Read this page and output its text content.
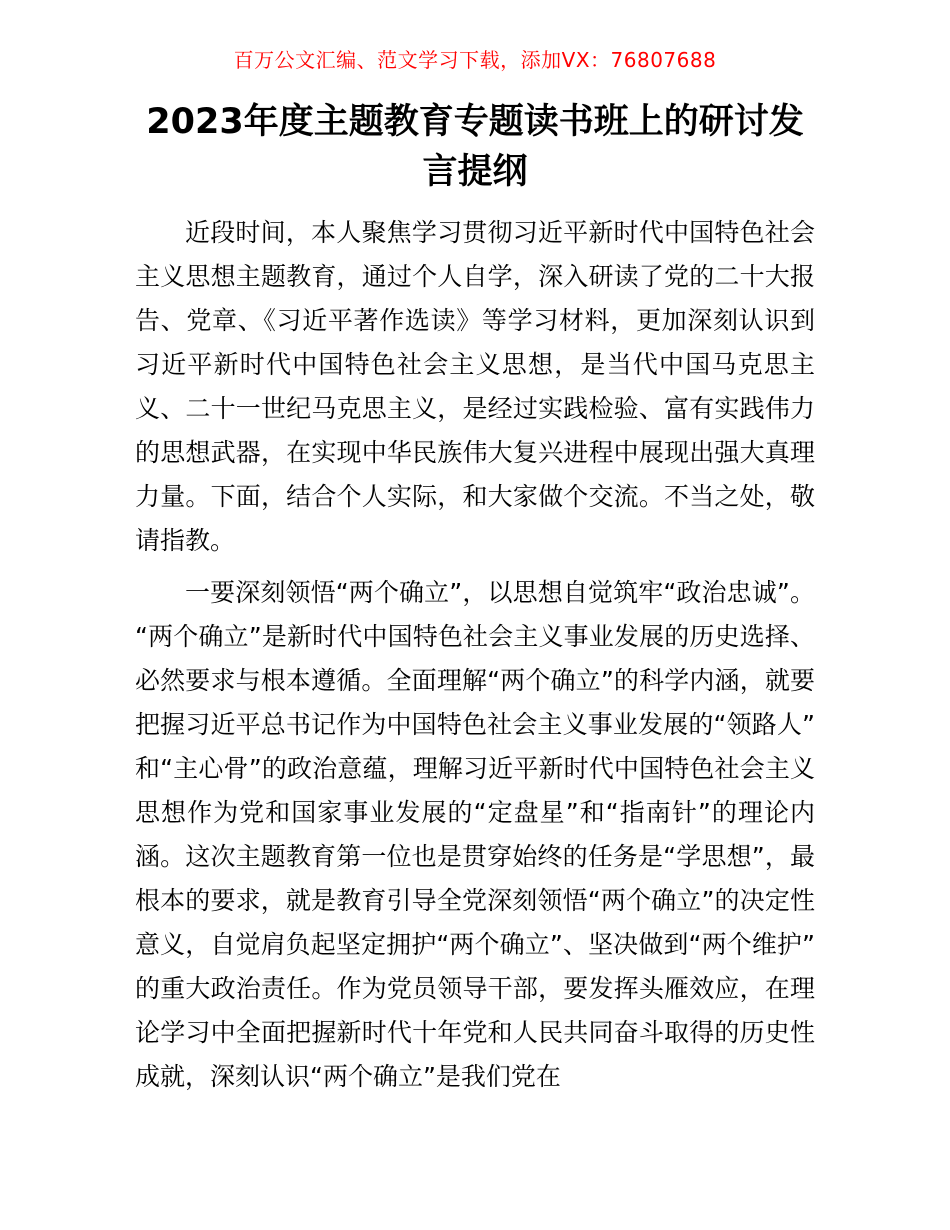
百万公文汇编、范文学习下载，添加VX：76807688
2023年度主题教育专题读书班上的研讨发言提纲

近段时间，本人聚焦学习贯彻习近平新时代中国特色社会主义思想主题教育，通过个人自学，深入研读了党的二十大报告、党章、《习近平著作选读》等学习材料，更加深刻认识到习近平新时代中国特色社会主义思想，是当代中国马克思主义、二十一世纪马克思主义，是经过实践检验、富有实践伟力的思想武器，在实现中华民族伟大复兴进程中展现出强大真理力量。下面，结合个人实际，和大家做个交流。不当之处，敬请指教。

一要深刻领悟“两个确立”，以思想自觉筑牢“政治忠诚”。“两个确立”是新时代中国特色社会主义事业发展的历史选择、必然要求与根本遵循。全面理解“两个确立”的科学内涵，就要把握习近平总书记作为中国特色社会主义事业发展的“领路人”和“主心骨”的政治意蕴，理解习近平新时代中国特色社会主义思想作为党和国家事业发展的“定盘星”和“指南针”的理论内涵。这次主题教育第一位也是贯穿始终的任务是“学思想”，最根本的要求，就是教育引导全党深刻领悟“两个确立”的决定性意义，自觉肩负起坚定拥护“两个确立”、坚决做到“两个维护”的重大政治责任。作为党员领导干部，要发挥头雁效应，在理论学习中全面把握新时代十年党和人民共同奋斗取得的历史性成就，深刻认识“两个确立”是我们党在
